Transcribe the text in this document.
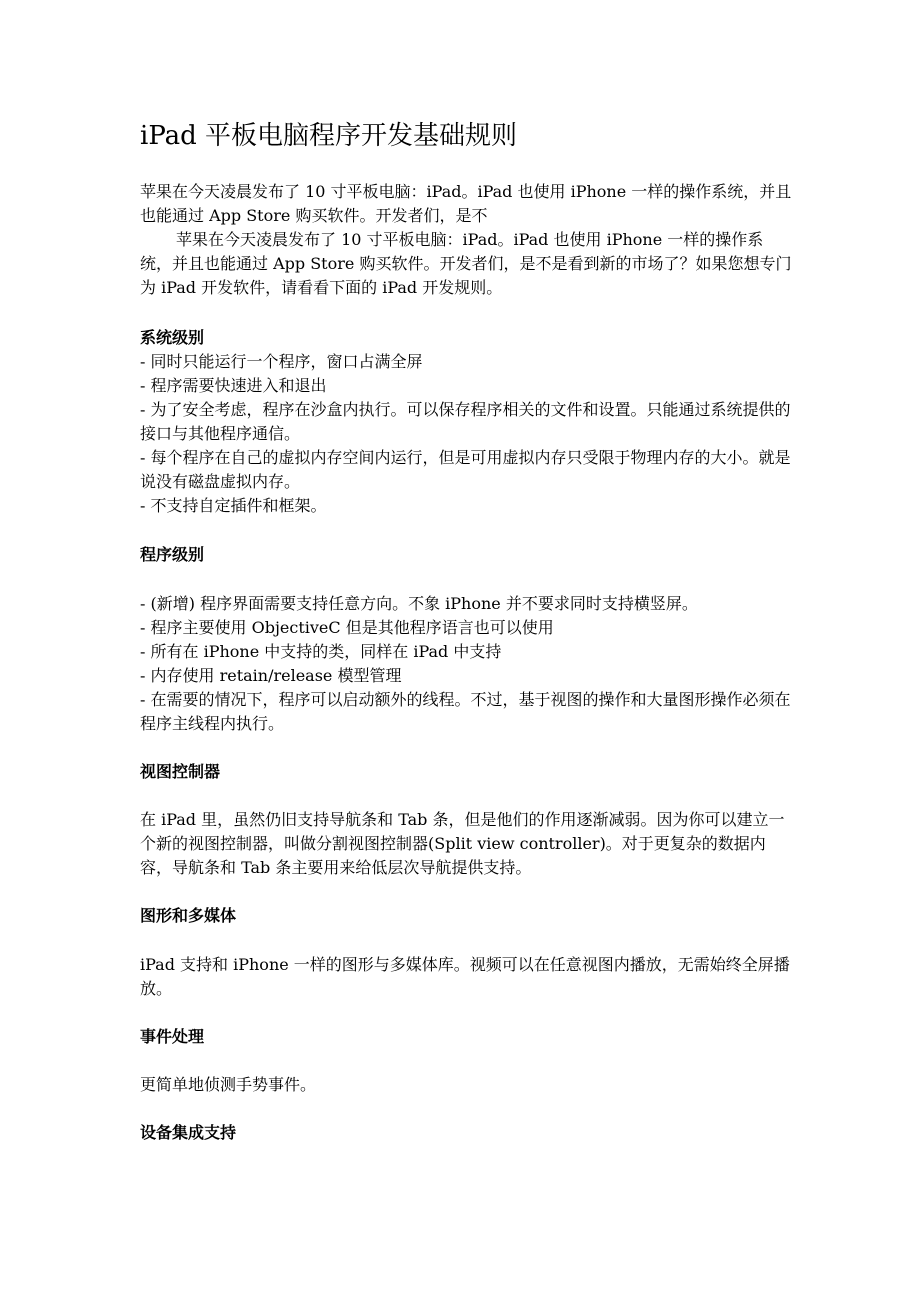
iPad 平板电脑程序开发基础规则

苹果在今天凌晨发布了 10 寸平板电脑：iPad。iPad 也使用 iPhone 一样的操作系统，并且也能通过 App Store 购买软件。开发者们，是不

苹果在今天凌晨发布了 10 寸平板电脑：iPad。iPad 也使用 iPhone 一样的操作系统，并且也能通过 App Store 购买软件。开发者们，是不是看到新的市场了？如果您想专门为 iPad 开发软件，请看看下面的 iPad 开发规则。

系统级别

- 同时只能运行一个程序，窗口占满全屏

- 程序需要快速进入和退出

- 为了安全考虑，程序在沙盒内执行。可以保存程序相关的文件和设置。只能通过系统提供的接口与其他程序通信。

- 每个程序在自己的虚拟内存空间内运行，但是可用虚拟内存只受限于物理内存的大小。就是说没有磁盘虚拟内存。

- 不支持自定插件和框架。

程序级别

- (新增) 程序界面需要支持任意方向。不象 iPhone 并不要求同时支持横竖屏。

- 程序主要使用 ObjectiveC 但是其他程序语言也可以使用

- 所有在 iPhone 中支持的类，同样在 iPad 中支持

- 内存使用 retain/release 模型管理

- 在需要的情况下，程序可以启动额外的线程。不过，基于视图的操作和大量图形操作必须在程序主线程内执行。

视图控制器

在 iPad 里，虽然仍旧支持导航条和 Tab 条，但是他们的作用逐渐减弱。因为你可以建立一个新的视图控制器，叫做分割视图控制器(Split view controller)。对于更复杂的数据内容，导航条和 Tab 条主要用来给低层次导航提供支持。

图形和多媒体

iPad 支持和 iPhone 一样的图形与多媒体库。视频可以在任意视图内播放，无需始终全屏播放。

事件处理

更简单地侦测手势事件。

设备集成支持
